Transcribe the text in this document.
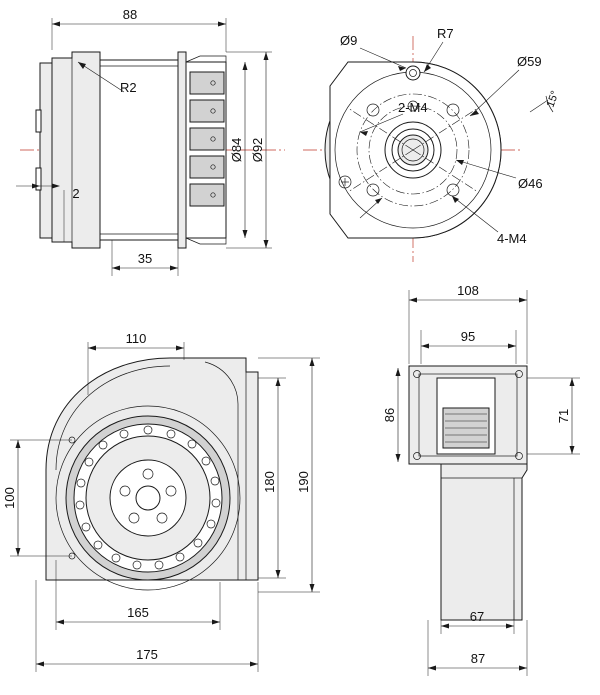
R2
88
Ø84 Ø92
2
35
Ø9	R7
Ø59
15°
Ø46
2-M4
4-M4
110
100
180 190
165
175
108
95
86	71
67
87
